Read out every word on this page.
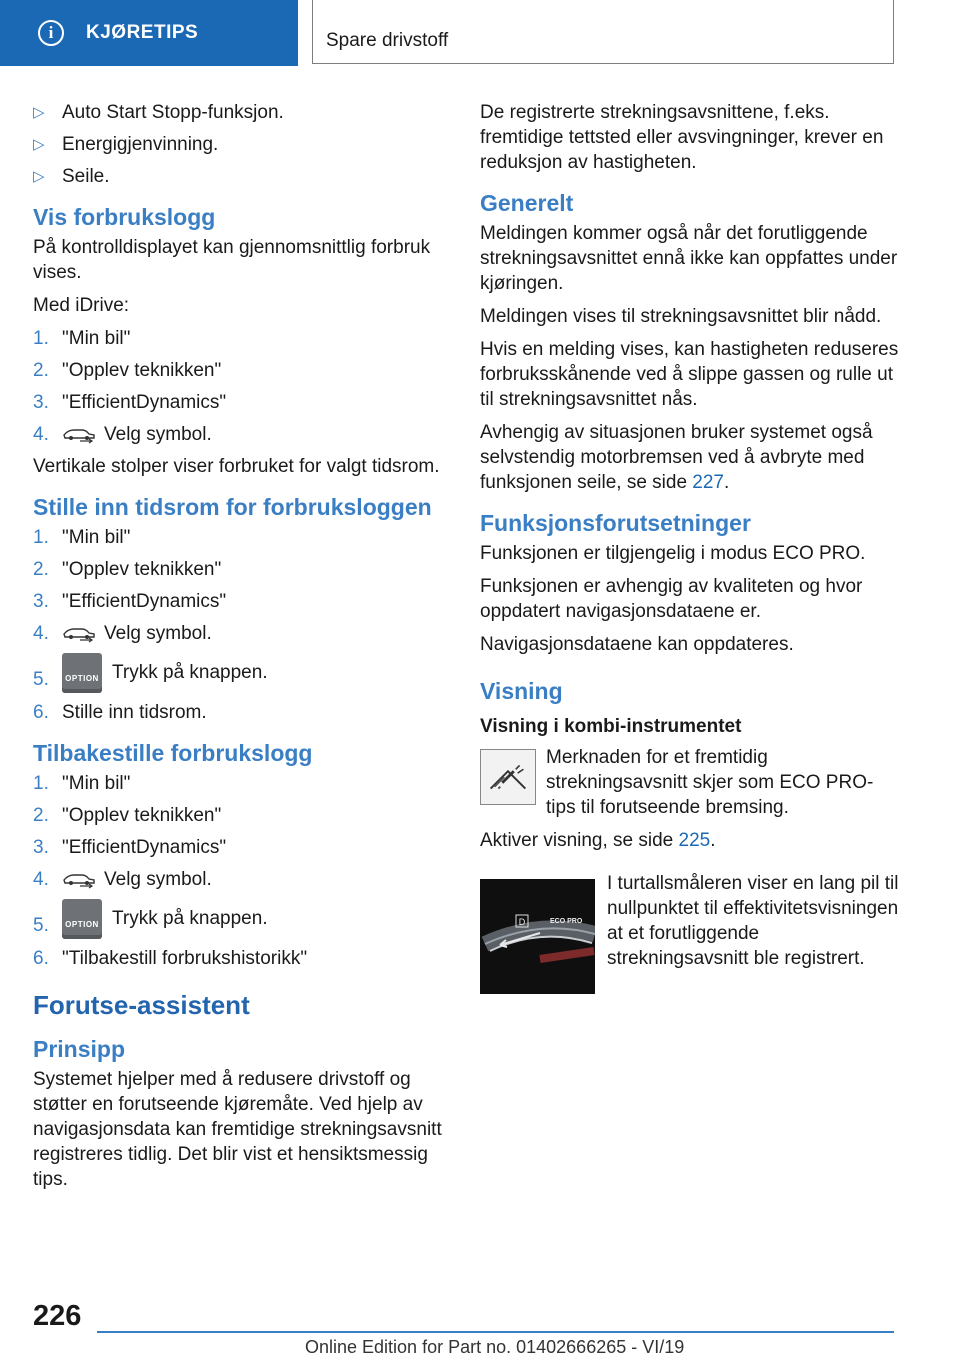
i	KJØRETIPS	Spare drivstoff
▷ Auto Start Stopp-funksjon.
▷ Energigjenvinning.
▷ Seile.
Vis forbrukslogg

På kontrolldisplayet kan gjennomsnittlig forbruk vises.

Med iDrive:

1. "Min bil"
2. "Opplev teknikken"
3. "EfficientDynamics"
4.	Velg symbol.

Vertikale stolper viser forbruket for valgt tidsrom.

Stille inn tidsrom for forbruksloggen
1. "Min bil"
2. "Opplev teknikken"
3. "EfficientDynamics"
4.	Velg symbol.
5.	OPTION Trykk på knappen.
6. Stille inn tidsrom.
Tilbakestille forbrukslogg
1. "Min bil"
2. "Opplev teknikken"
3. "EfficientDynamics"
4.	Velg symbol.
5.	OPTION Trykk på knappen.
6. "Tilbakestill forbrukshistorikk"
Forutse-assistent
Prinsipp

Systemet hjelper med å redusere drivstoff og støtter en forutseende kjøremåte. Ved hjelp av navigasjonsdata kan fremtidige strekningsavsnitt registreres tidlig. Det blir vist et hensiktsmessig tips.

De registrerte strekningsavsnittene, f.eks. fremtidige tettsted eller avsvingninger, krever en reduksjon av hastigheten.

Generelt

Meldingen kommer også når det forutliggende strekningsavsnittet ennå ikke kan oppfattes under kjøringen.

Meldingen vises til strekningsavsnittet blir nådd.

Hvis en melding vises, kan hastigheten reduseres forbruksskånende ved å slippe gassen og rulle ut til strekningsavsnittet nås.

Avhengig av situasjonen bruker systemet også selvstendig motorbremsen ved å avbryte med funksjonen seile, se side 227.

Funksjonsforutsetninger

Funksjonen er tilgjengelig i modus ECO PRO.

Funksjonen er avhengig av kvaliteten og hvor oppdatert navigasjonsdataene er.

Navigasjonsdataene kan oppdateres.

Visning
Visning i kombi-instrumentet

Merknaden for et fremtidig strekningsavsnitt skjer som ECO PRO-tips til forutseende bremsing.

Aktiver visning, se side 225.

D	ECO PRO

I turtallsmåleren viser en lang pil til nullpunktet til effektivitetsvisningen at et forutliggende strekningsavsnitt ble registrert.

226
Online Edition for Part no. 01402666265 - VI/19
